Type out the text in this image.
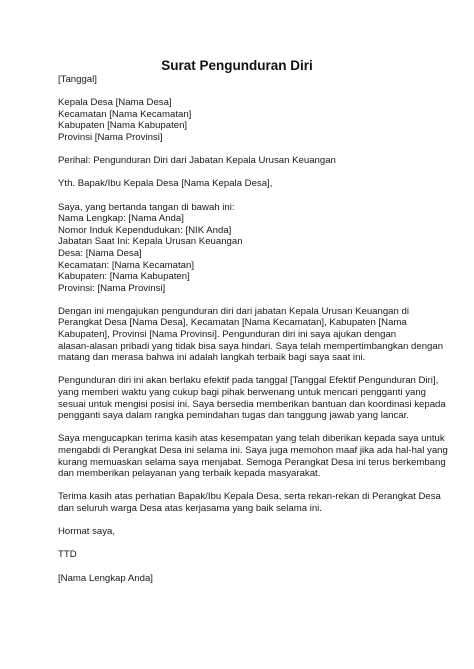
Surat Pengunduran Diri
[Tanggal]
Kepala Desa [Nama Desa]
Kecamatan [Nama Kecamatan]
Kabupaten [Nama Kabupaten]
Provinsi [Nama Provinsi]
Perihal: Pengunduran Diri dari Jabatan Kepala Urusan Keuangan
Yth. Bapak/Ibu Kepala Desa [Nama Kepala Desa],
Saya, yang bertanda tangan di bawah ini:
Nama Lengkap: [Nama Anda]
Nomor Induk Kependudukan: [NIK Anda]
Jabatan Saat Ini: Kepala Urusan Keuangan
Desa: [Nama Desa]
Kecamatan: [Nama Kecamatan]
Kabupaten: [Nama Kabupaten]
Provinsi: [Nama Provinsi]
Dengan ini mengajukan pengunduran diri dari jabatan Kepala Urusan Keuangan di
Perangkat Desa [Nama Desa], Kecamatan [Nama Kecamatan], Kabupaten [Nama
Kabupaten], Provinsi [Nama Provinsi]. Pengunduran diri ini saya ajukan dengan
alasan-alasan pribadi yang tidak bisa saya hindari. Saya telah mempertimbangkan dengan
matang dan merasa bahwa ini adalah langkah terbaik bagi saya saat ini.
Pengunduran diri ini akan berlaku efektif pada tanggal [Tanggal Efektif Pengunduran Diri],
yang memberi waktu yang cukup bagi pihak berwenang untuk mencari pengganti yang
sesuai untuk mengisi posisi ini. Saya bersedia memberikan bantuan dan koordinasi kepada
pengganti saya dalam rangka pemindahan tugas dan tanggung jawab yang lancar.
Saya mengucapkan terima kasih atas kesempatan yang telah diberikan kepada saya untuk
mengabdi di Perangkat Desa ini selama ini. Saya juga memohon maaf jika ada hal-hal yang
kurang memuaskan selama saya menjabat. Semoga Perangkat Desa ini terus berkembang
dan memberikan pelayanan yang terbaik kepada masyarakat.
Terima kasih atas perhatian Bapak/Ibu Kepala Desa, serta rekan-rekan di Perangkat Desa
dan seluruh warga Desa atas kerjasama yang baik selama ini.
Hormat saya,
TTD
[Nama Lengkap Anda]
